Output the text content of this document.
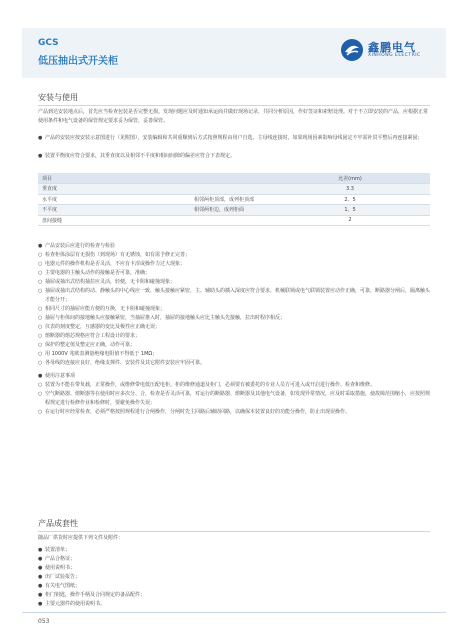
GCS
低压抽出式开关柜
鑫鹏电气
XINHONG ELECTRIC
安装与使用
产品到达安装地点后，首先应当检查包装是否完整无损。发现问题应及时通知承运商并做好现场记录，共同分析原因，作好签证和索赔处理。对于不立即安装的产品，应根据正常使用条件和电气设备的保管规定要求妥为保管，妥善保管。
● 产品的安装应按安装示意图进行（见附图），安装编辑和共同重顺到后方式按照规程由用户自选，主母线连接时，如果现场因素影响母线固定不牢需补贯平整后再连接紧固；
● 装置平衡度应符合要求，其垂直度以及相邻不平度和相间间隙的偏差应符合下表规定。
项目		允差(mm)
垂直度		3.3
水平度	相邻两柜顶部，成列柜顶部	2、5
不平度	相邻两柜边，成列柜面	1、5
盘间接缝		2
● 产品安装后应进行的检查与检验
○ 检查柜体涂层有无损伤（到现场）有无锈蚀，如有需予修正完善；
○ 电器元件的操作机构是否灵活，不应有卡涩或操作力过大现象；
○ 主要电器的主触头动作的接触是否可靠，准确；
○ 抽屉或抽出式结构抽拉应灵活，轻便，无卡阻和碰撞现象；
○ 抽屉或抽出式结构的动、静触头的中心线应一致，触头接触应紧密，主、辅助头的插入深度应符合要求，机械联锁或电气联锁装置应动作正确，可靠，断路器分闸后，隔离触头才能分开；
○ 相同尺寸的抽屉应能方便的互换，无卡阻和碰撞现象；
○ 抽屉与柜体间的接地触头应接触紧密，当抽屉推入时，抽屉的接地触头应比主触头先接触，拉出时程序相反；
○ 仪表的刻度整定，互感器的变比及极性应正确无误；
○ 熔断器的熔芯规格应符合工程设计的要求；
○ 保护的整定值及整定应正确，动作可靠；
○ 用 1000V 兆欧表测量绝缘电阻值不得低于 1MΩ；
○ 各母线的连接应良好，绝缘支撑件、安装件及其它附件安装应牢固可靠。
● 使用注意事项
○ 装置为不能在带负载，正常操作，或维修带电低压配电柜。柜的维修通道及柜门，必须要有被委托的专业人员方可进入或开启进行操作、检查和维修。
○ 空气断路器、熔断器等在使用时应多次分、合，检查是否灵活可靠，对运行的断路器、熔断器及其他电气设备，如发现异常情况，应及时采取措施，使故障范围缩小，应按照规程规定进行检修作业和检修时，要避免操作失误；
○ 在运行时应经常检查，必须严格按照规程进行合闸操作，分闸时先主回路后辅助回路，以确保本装置良好的功能分操作，防止出现误操作。
产品成套性
随品厂供货时应提供下列文件及附件：
● 装置清单；
● 产品合格证；
● 使用说明书；
● 出厂试验报告；
● 有关电气图纸；
● 柜门钥匙，操作手柄及合同规定的备品配件；
● 主要元器件的使用说明书。
053
